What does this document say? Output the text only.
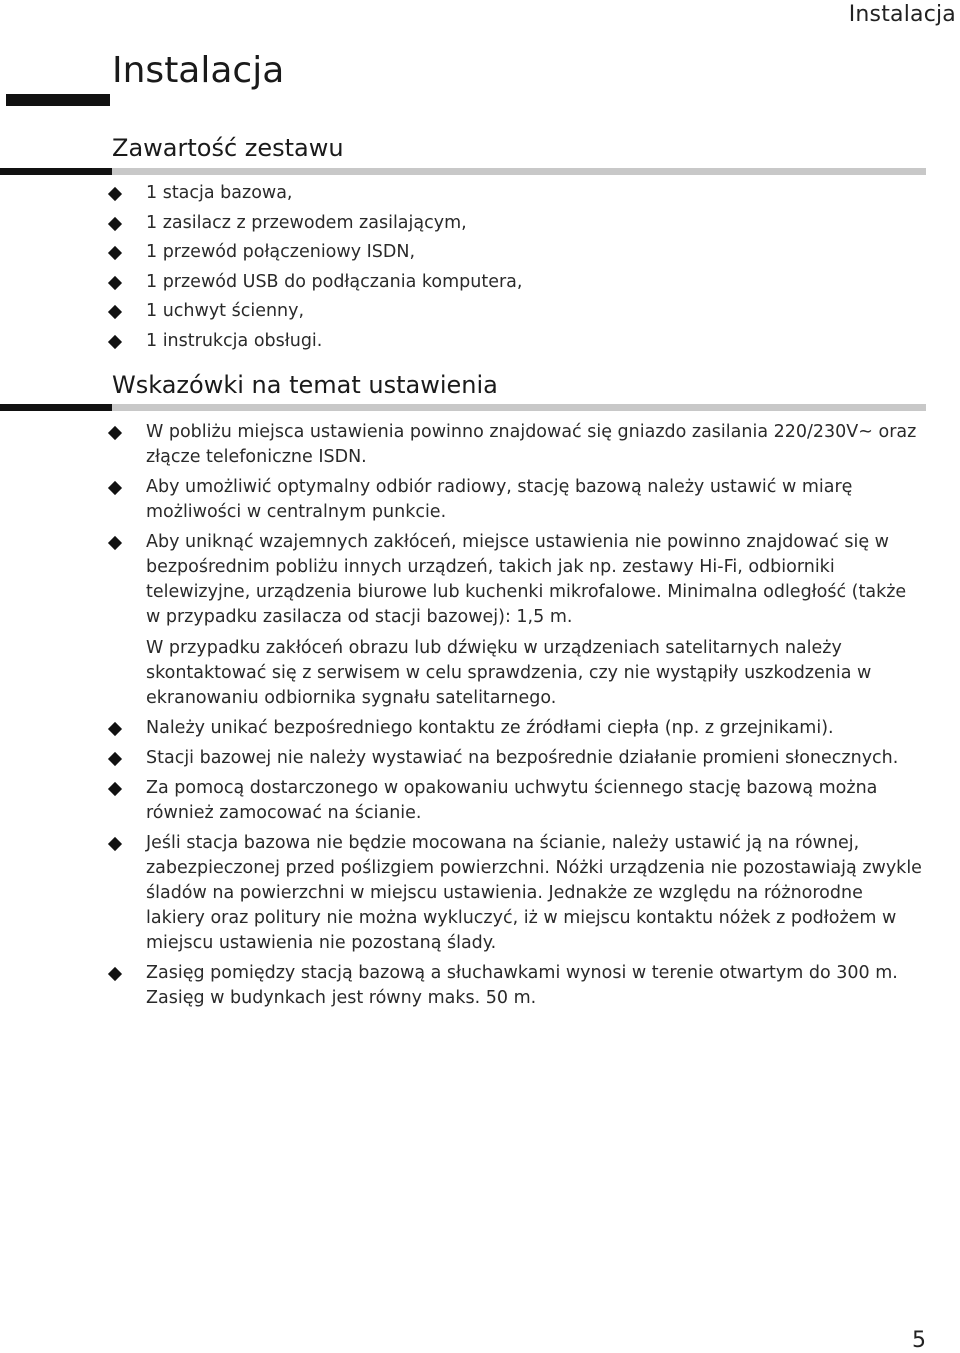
Instalacja
Instalacja
Zawartość zestawu
1 stacja bazowa,
1 zasilacz z przewodem zasilającym,
1 przewód połączeniowy ISDN,
1 przewód USB do podłączania komputera,
1 uchwyt ścienny,
1 instrukcja obsługi.
Wskazówki na temat ustawienia
W pobliżu miejsca ustawienia powinno znajdować się gniazdo zasilania 220/230V~ oraz złącze telefoniczne ISDN.
Aby umożliwić optymalny odbiór radiowy, stację bazową należy ustawić w miarę możliwości w centralnym punkcie.
Aby uniknąć wzajemnych zakłóceń, miejsce ustawienia nie powinno znajdować się w bezpośrednim pobliżu innych urządzeń, takich jak np. zestawy Hi-Fi, odbiorniki telewizyjne, urządzenia biurowe lub kuchenki mikrofalowe. Minimalna odległość (także w przypadku zasilacza od stacji bazowej): 1,5 m.
W przypadku zakłóceń obrazu lub dźwięku w urządzeniach satelitarnych należy skontaktować się z serwisem w celu sprawdzenia, czy nie wystąpiły uszkodzenia w ekranowaniu odbiornika sygnału satelitarnego.
Należy unikać bezpośredniego kontaktu ze źródłami ciepła (np. z grzejnikami).
Stacji bazowej nie należy wystawiać na bezpośrednie działanie promieni słonecznych.
Za pomocą dostarczonego w opakowaniu uchwytu ściennego stację bazową można również zamocować na ścianie.
Jeśli stacja bazowa nie będzie mocowana na ścianie, należy ustawić ją na równej, zabezpieczonej przed poślizgiem powierzchni. Nóżki urządzenia nie pozostawiają zwykle śladów na powierzchni w miejscu ustawienia. Jednakże ze względu na różnorodne lakiery oraz politury nie można wykluczyć, iż w miejscu kontaktu nóżek z podłożem w miejscu ustawienia nie pozostaną ślady.
Zasięg pomiędzy stacją bazową a słuchawkami wynosi w terenie otwartym do 300 m. Zasięg w budynkach jest równy maks. 50 m.
5
